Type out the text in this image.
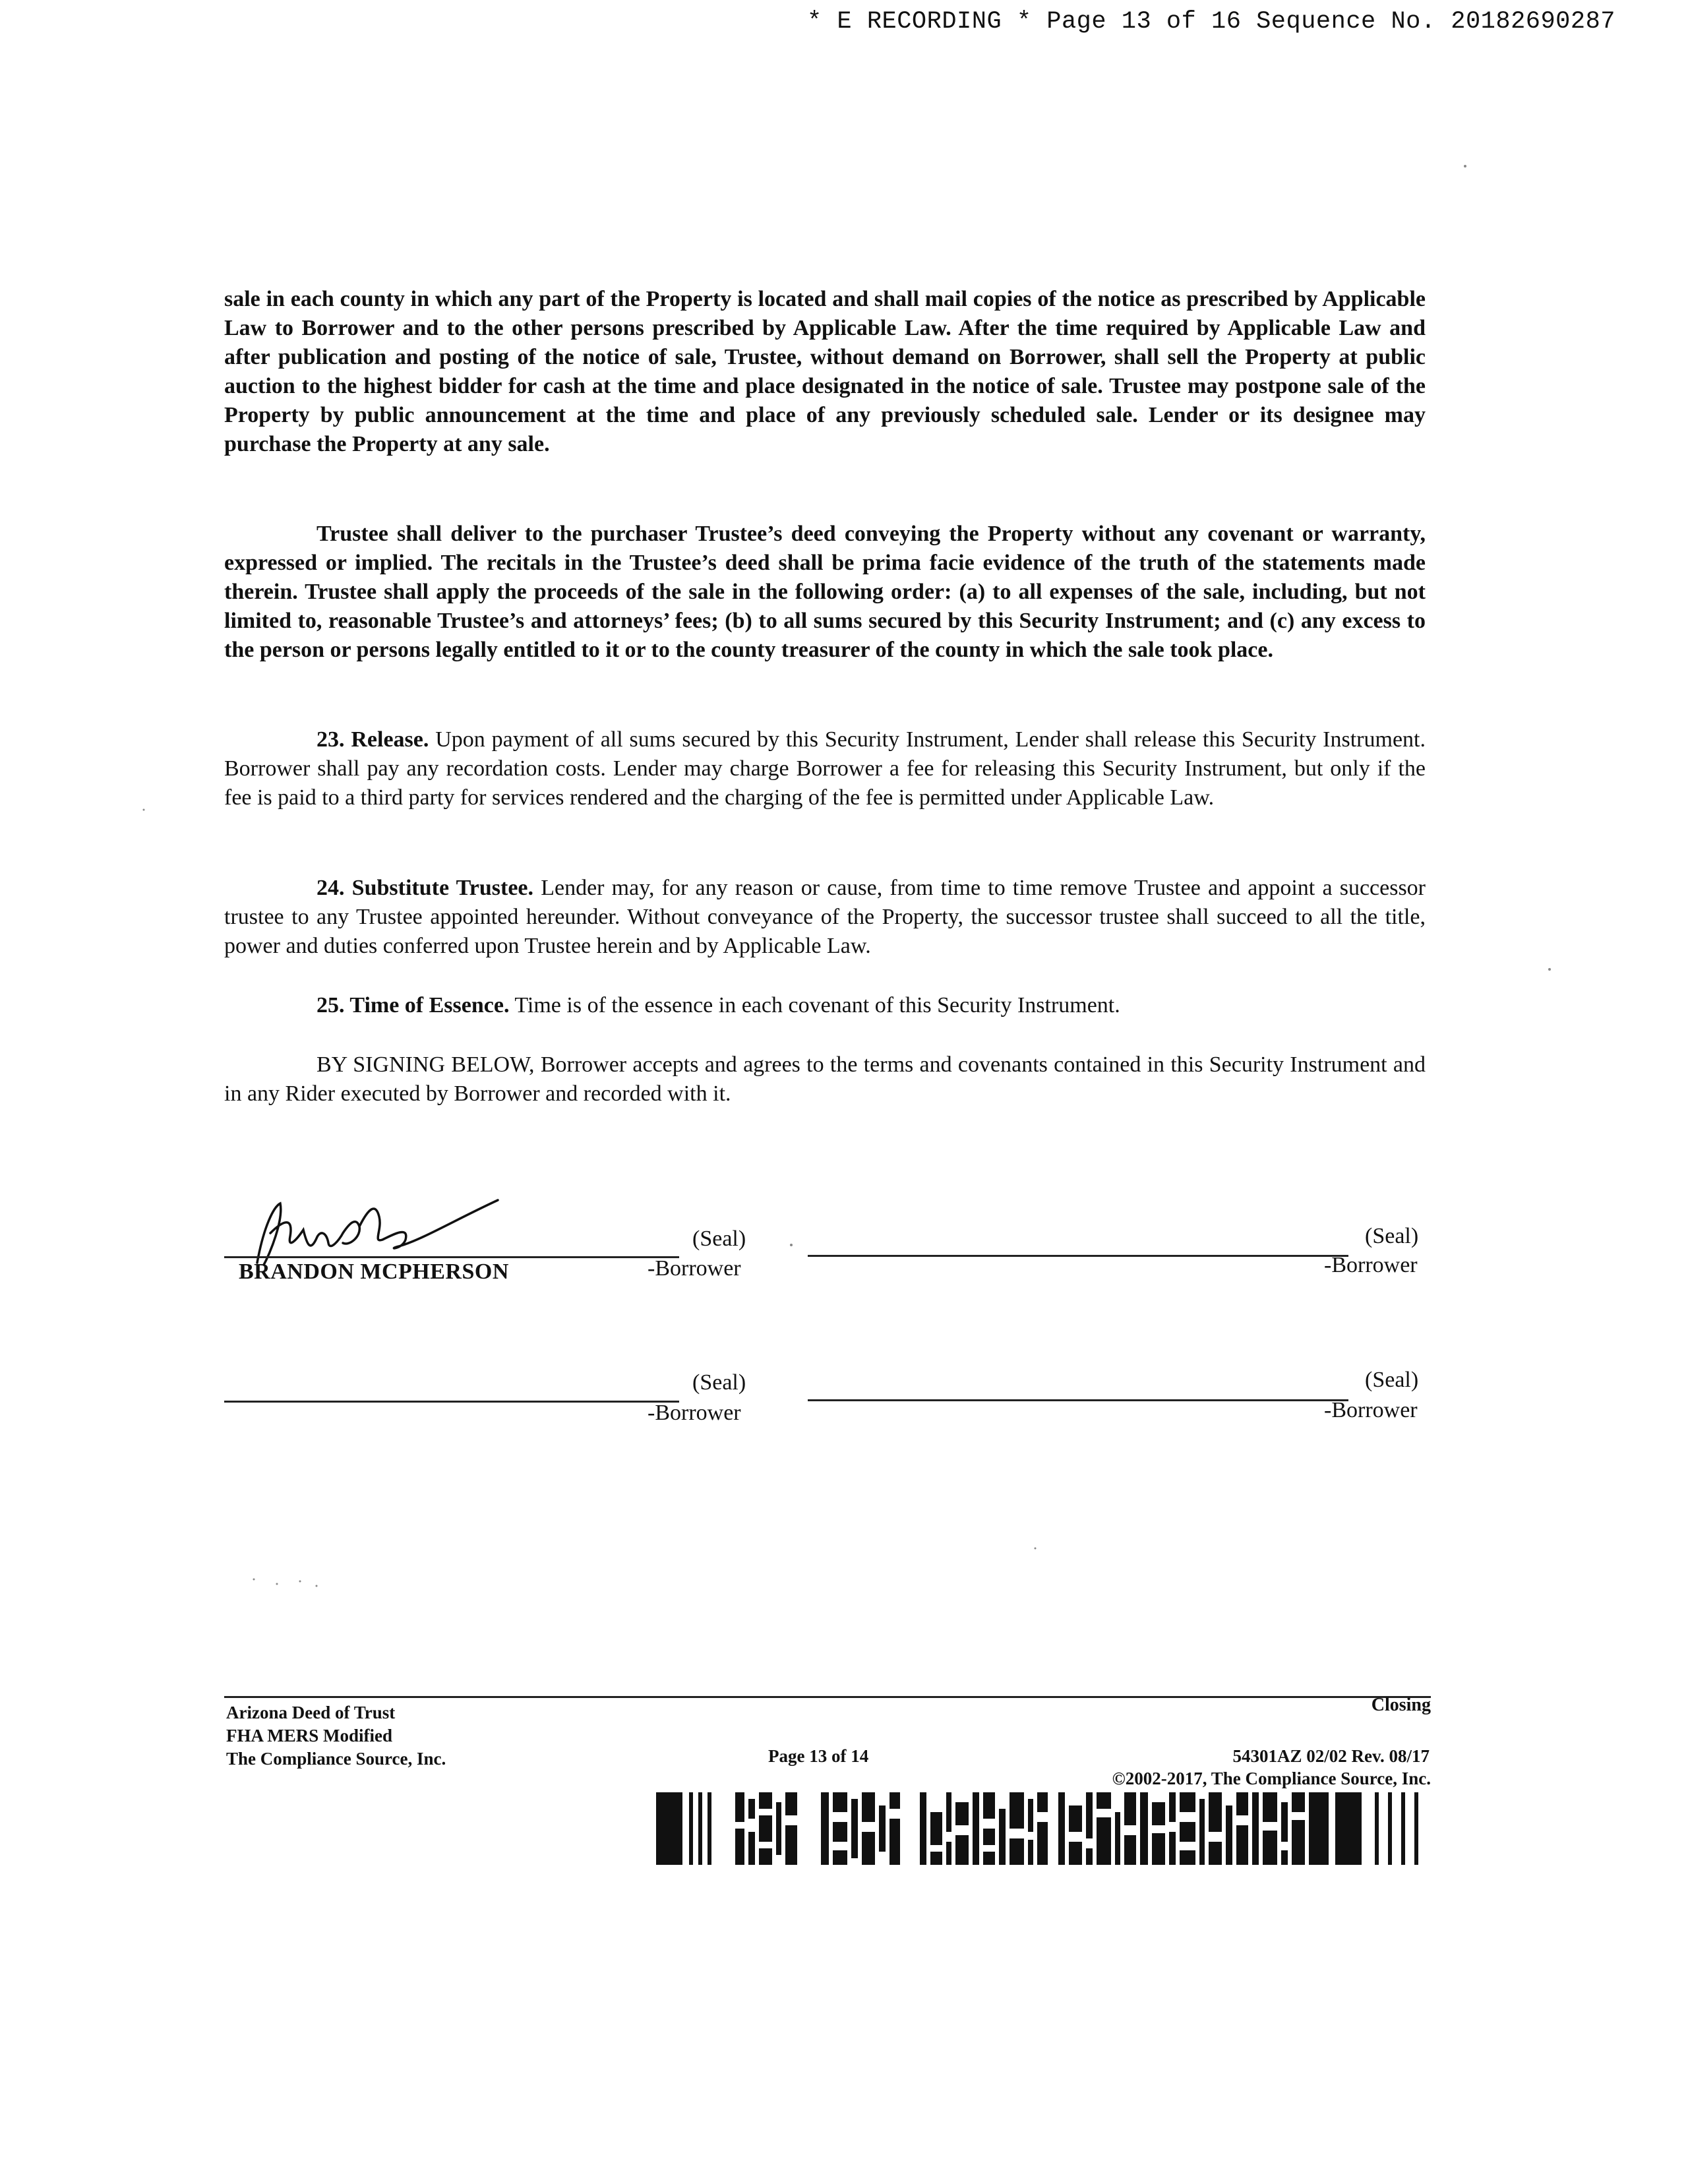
* E RECORDING * Page 13 of 16 Sequence No. 20182690287

sale in each county in which any part of the Property is located and shall mail copies of the notice as prescribed by Applicable Law to Borrower and to the other persons prescribed by Applicable Law. After the time required by Applicable Law and after publication and posting of the notice of sale, Trustee, without demand on Borrower, shall sell the Property at public auction to the highest bidder for cash at the time and place designated in the notice of sale. Trustee may postpone sale of the Property by public announcement at the time and place of any previously scheduled sale. Lender or its designee may purchase the Property at any sale.

Trustee shall deliver to the purchaser Trustee’s deed conveying the Property without any covenant or warranty, expressed or implied. The recitals in the Trustee’s deed shall be prima facie evidence of the truth of the statements made therein. Trustee shall apply the proceeds of the sale in the following order: (a) to all expenses of the sale, including, but not limited to, reasonable Trustee’s and attorneys’ fees; (b) to all sums secured by this Security Instrument; and (c) any excess to the person or persons legally entitled to it or to the county treasurer of the county in which the sale took place.

23. Release. Upon payment of all sums secured by this Security Instrument, Lender shall release this Security Instrument. Borrower shall pay any recordation costs. Lender may charge Borrower a fee for releasing this Security Instrument, but only if the fee is paid to a third party for services rendered and the charging of the fee is permitted under Applicable Law.

24. Substitute Trustee. Lender may, for any reason or cause, from time to time remove Trustee and appoint a successor trustee to any Trustee appointed hereunder. Without conveyance of the Property, the successor trustee shall succeed to all the title, power and duties conferred upon Trustee herein and by Applicable Law.

25. Time of Essence. Time is of the essence in each covenant of this Security Instrument.

BY SIGNING BELOW, Borrower accepts and agrees to the terms and covenants contained in this Security Instrument and in any Rider executed by Borrower and recorded with it.

(Seal)
-Borrower
BRANDON MCPHERSON
(Seal)
-Borrower
(Seal)
-Borrower
(Seal)
-Borrower
Arizona Deed of Trust
FHA MERS Modified
The Compliance Source, Inc.
Closing
Page 13 of 14	54301AZ 02/02 Rev. 08/17
©2002-2017, The Compliance Source, Inc.
